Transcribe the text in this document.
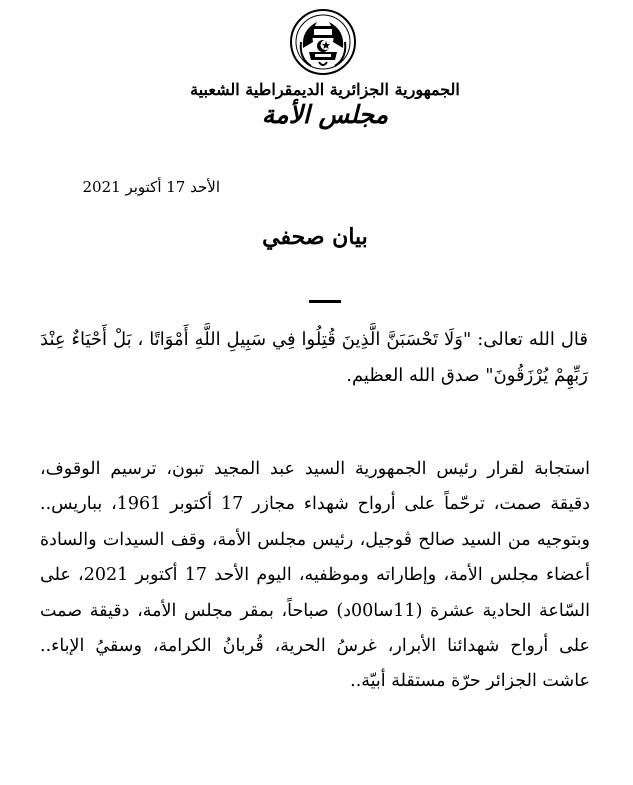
الجمهورية الجزائرية الديمقراطية الشعبية
مجلس الأمة
الأحد 17 أكتوبر 2021
بيان صحفي
قال الله تعالى: "وَلَا تَحْسَبَنَّ الَّذِينَ قُتِلُوا فِي سَبِيلِ اللَّهِ أَمْوَاتًا ، بَلْ أَحْيَاءٌ عِنْدَ رَبِّهِمْ يُرْزَقُونَ" صدق الله العظيم.
استجابة لقرار رئيس الجمهورية السيد عبد المجيد تبون، ترسيم الوقوف، دقيقة صمت، ترحّماً على أرواح شهداء مجازر 17 أكتوبر 1961، بباريس.. وبتوجيه من السيد صالح ڤوجيل، رئيس مجلس الأمة، وقف السيدات والسادة أعضاء مجلس الأمة، وإطاراته وموظفيه، اليوم الأحد 17 أكتوبر 2021، على السّاعة الحادية عشرة (11سا00د) صباحاً، بمقر مجلس الأمة، دقيقة صمت على أرواح شهدائنا الأبرار، غرسُ الحرية، قُربانُ الكرامة، وسقيُ الإباء.. عاشت الجزائر حرّة مستقلة أبيّة..
